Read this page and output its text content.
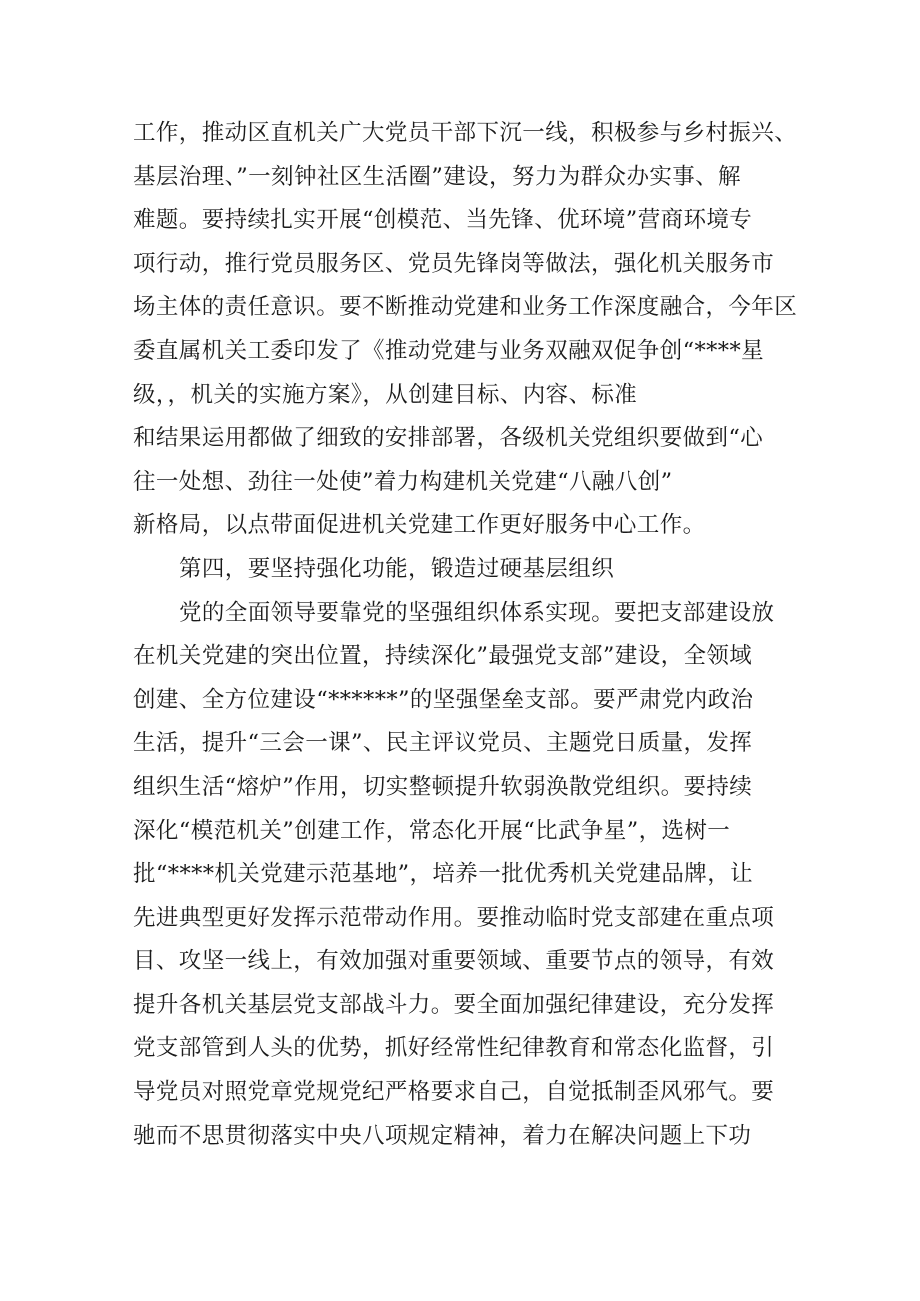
工作，推动区直机关广大党员干部下沉一线，积极参与乡村振兴、
基层治理、”一刻钟社区生活圈”建设，努力为群众办实事、解
难题。要持续扎实开展“创模范、当先锋、优环境”营商环境专
项行动，推行党员服务区、党员先锋岗等做法，强化机关服务市
场主体的责任意识。要不断推动党建和业务工作深度融合，今年区
委直属机关工委印发了《推动党建与业务双融双促争创“****星
级，，机关的实施方案》，从创建目标、内容、标准
和结果运用都做了细致的安排部署，各级机关党组织要做到“心
往一处想、劲往一处使”着力构建机关党建“八融八创”
新格局，以点带面促进机关党建工作更好服务中心工作。
第四，要坚持强化功能，锻造过硬基层组织
党的全面领导要靠党的坚强组织体系实现。要把支部建设放
在机关党建的突出位置，持续深化”最强党支部”建设，全领域
创建、全方位建设“******”的坚强堡垒支部。要严肃党内政治
生活，提升“三会一课”、民主评议党员、主题党日质量，发挥
组织生活“熔炉”作用，切实整顿提升软弱涣散党组织。要持续
深化“模范机关”创建工作，常态化开展“比武争星”，选树一
批“****机关党建示范基地”，培养一批优秀机关党建品牌，让
先进典型更好发挥示范带动作用。要推动临时党支部建在重点项
目、攻坚一线上，有效加强对重要领域、重要节点的领导，有效
提升各机关基层党支部战斗力。要全面加强纪律建设，充分发挥
党支部管到人头的优势，抓好经常性纪律教育和常态化监督，引
导党员对照党章党规党纪严格要求自己，自觉抵制歪风邪气。要
驰而不思贯彻落实中央八项规定精神，着力在解决问题上下功
